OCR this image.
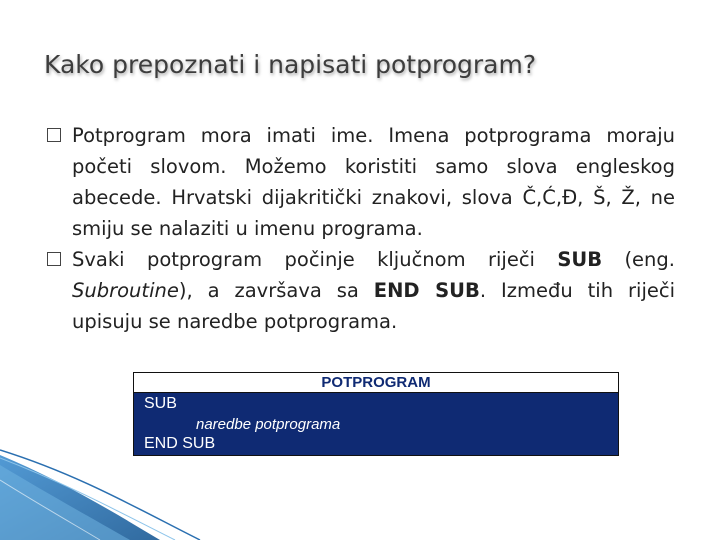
Kako prepoznati i napisati potprogram?
Potprogram mora imati ime. Imena potprograma moraju početi slovom. Možemo koristiti samo slova engleskog abecede. Hrvatski dijakritički znakovi, slova Č,Ć,Đ, Š, Ž, ne smiju se nalaziti u imenu programa.
Svaki potprogram počinje ključnom riječi SUB (eng. Subroutine), a završava sa END SUB. Između tih riječi upisuju se naredbe potprograma.
POTPROGRAM
SUB
naredbe potprograma
END SUB
